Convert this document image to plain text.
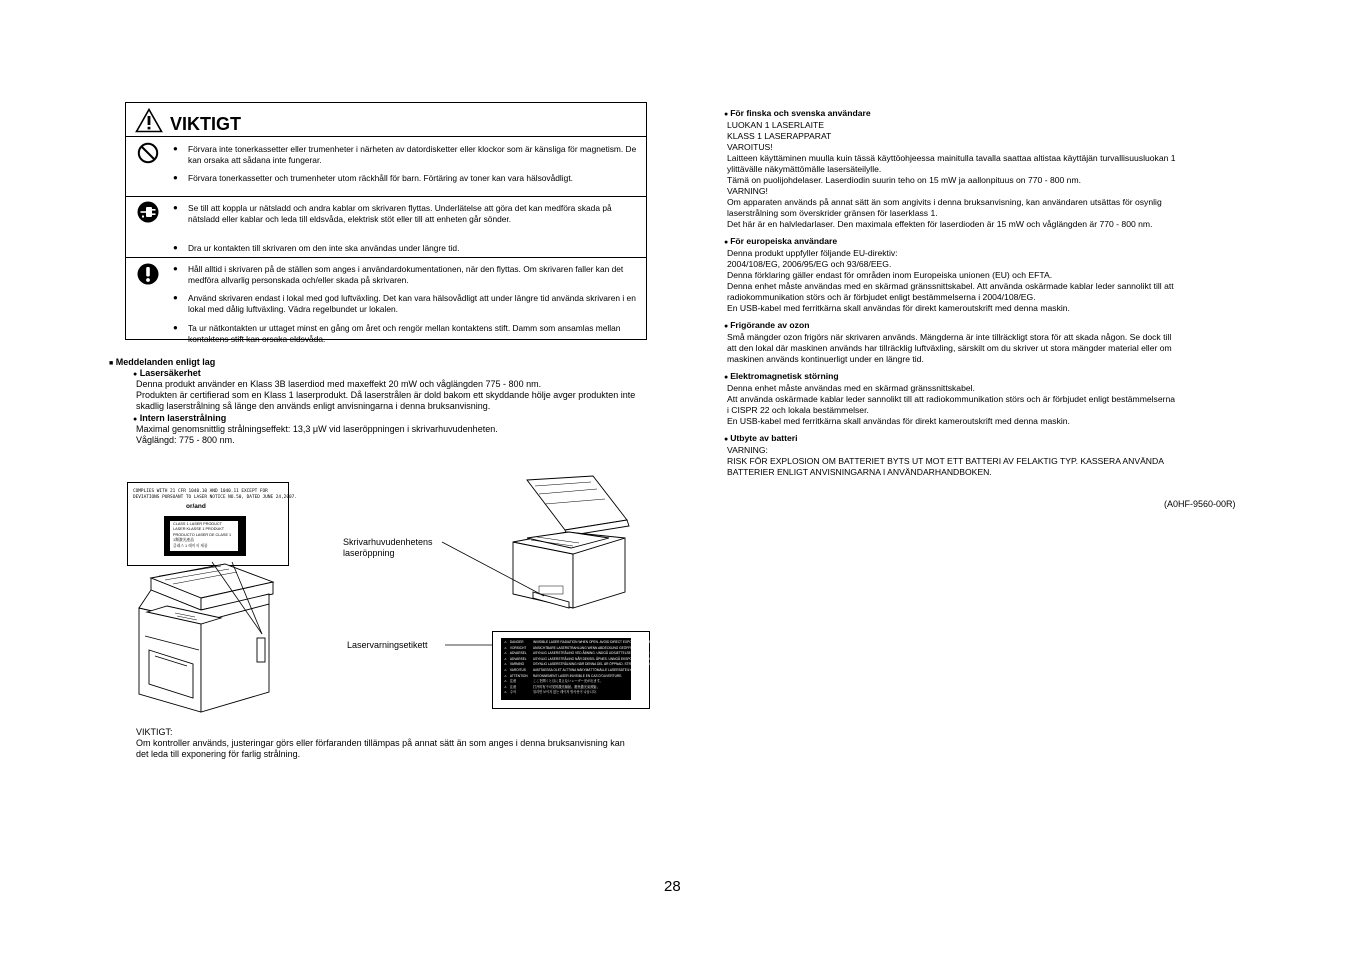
VIKTIGT
● Förvara inte tonerkassetter eller trumenheter i närheten av datordisketter eller klockor som är känsliga för magnetism. De kan orsaka att sådana inte fungerar.
● Förvara tonerkassetter och trumenheter utom räckhåll för barn. Förtäring av toner kan vara hälsovådligt.
● Se till att koppla ur nätsladd och andra kablar om skrivaren flyttas. Underlätelse att göra det kan medföra skada på nätsladd eller kablar och leda till eldsvåda, elektrisk stöt eller till att enheten går sönder.
● Dra ur kontakten till skrivaren om den inte ska användas under längre tid.
● Håll alltid i skrivaren på de ställen som anges i användardokumentationen, när den flyttas. Om skrivaren faller kan det medföra allvarlig personskada och/eller skada på skrivaren.
● Använd skrivaren endast i lokal med god luftväxling. Det kan vara hälsovådligt att under längre tid använda skrivaren i en lokal med dålig luftväxling. Vädra regelbundet ur lokalen.
● Ta ur nätkontakten ur uttaget minst en gång om året och rengör mellan kontaktens stift. Damm som ansamlas mellan kontaktens stift kan orsaka eldsvåda.
■ Meddelanden enligt lag
● Lasersäkerhet
Denna produkt använder en Klass 3B laserdiod med maxeffekt 20 mW och våglängden 775 - 800 nm.
Produkten är certifierad som en Klass 1 laserprodukt. Då laserstrålen är dold bakom ett skyddande hölje avger produkten inte
skadlig laserstrålning så länge den används enligt anvisningarna i denna bruksanvisning.
● Intern laserstrålning
Maximal genomsnittlig strålningseffekt: 13,3 μW vid laseröppningen i skrivarhuvudenheten.
Våglängd: 775 - 800 nm.
COMPLIES WITH 21 CFR 1040.10 AND 1040.11 EXCEPT FOR
DEVIATIONS PURSUANT TO LASER NOTICE NO.50, DATED JUNE 24,2007.
or/and
CLASS 1 LASER PRODUCT
LASER KLASSE 1 PRODUKT
PRODUCTO LASER DE CLASE 1
1類激光產品
클래스 1 레이저 제품	Skrivarhuvudenhetens laseröppning
Laservarningsetikett	⚠ DANGER	INVISIBLE LASER RADIATION WHEN OPEN. AVOID DIRECT EXPOSURE TO BEAM.
⚠ VORSICHT	UNSICHTBARE LASERSTRAHLUNG WENN ABDECKUNG GEÖFFNET.
⚠ ADVARSEL	USYNLIG LASERSTRÅLING VED ÅBNING. UNDGÅ UDSÆTTELSE FOR STRÅLING.
⚠ ADVARSEL	USYNLIG LASERSTRÅLING NÅR DEKSEL ÅPNES. UNNGÅ EKSPONERING FOR STRÅLEN.
⚠ VARNING	OSYNLIG LASERSTRÅLNING NÄR DENNA DEL ÄR ÖPPNAD. STRÅLEN ÄR FARLIG.
⚠ VAROITUS	AVATTAESSA OLET ALTTIINA NÄKYMÄTTÖMÄLLE LASERSÄTEILYLLE.
⚠ ATTENTION	RAYONNEMENT LASER INVISIBLE EN CAS D'OUVERTURE.
⚠ 注意	ここを開くと目に見えないレーザー光が出ます。
⚠ 注意	打开时有不可见的激光辐射。避免激光束照射。
⚠ 주의	열리면 보이지 않는 레이저 방사선이 나옵니다.
VIKTIGT:
Om kontroller används, justeringar görs eller förfaranden tillämpas på annat sätt än som anges i denna bruksanvisning kan
det leda till exponering för farlig strålning.
● För finska och svenska användare
LUOKAN 1 LASERLAITE
KLASS 1 LASERAPPARAT
VAROITUS!
Laitteen käyttäminen muulla kuin tässä käyttöohjeessa mainitulla tavalla saattaa altistaa käyttäjän turvallisuusluokan 1
ylittävälle näkymättömälle lasersäteilylle.
Tämä on puolijohdelaser. Laserdiodin suurin teho on 15 mW ja aallonpituus on 770 - 800 nm.
VARNING!
Om apparaten används på annat sätt än som angivits i denna bruksanvisning, kan användaren utsättas för osynlig
laserstrålning som överskrider gränsen för laserklass 1.
Det här är en halvledarlaser. Den maximala effekten för laserdioden är 15 mW och våglängden är 770 - 800 nm.
● För europeiska användare
Denna produkt uppfyller följande EU-direktiv:
2004/108/EG, 2006/95/EG och 93/68/EEG.
Denna förklaring gäller endast för områden inom Europeiska unionen (EU) och EFTA.
Denna enhet måste användas med en skärmad gränssnittskabel. Att använda oskärmade kablar leder sannolikt till att
radiokommunikation störs och är förbjudet enligt bestämmelserna i 2004/108/EG.
En USB-kabel med ferritkärna skall användas för direkt kameroutskrift med denna maskin.
● Frigörande av ozon
Små mängder ozon frigörs när skrivaren används. Mängderna är inte tillräckligt stora för att skada någon. Se dock till
att den lokal där maskinen används har tillräcklig luftväxling, särskilt om du skriver ut stora mängder material eller om
maskinen används kontinuerligt under en längre tid.
● Elektromagnetisk störning
Denna enhet måste användas med en skärmad gränssnittskabel.
Att använda oskärmade kablar leder sannolikt till att radiokommunikation störs och är förbjudet enligt bestämmelserna
i CISPR 22 och lokala bestämmelser.
En USB-kabel med ferritkärna skall användas för direkt kameroutskrift med denna maskin.
● Utbyte av batteri
VARNING:
RISK FÖR EXPLOSION OM BATTERIET BYTS UT MOT ETT BATTERI AV FELAKTIG TYP. KASSERA ANVÄNDA
BATTERIER ENLIGT ANVISNINGARNA I ANVÄNDARHANDBOKEN.
(A0HF-9560-00R)
28
